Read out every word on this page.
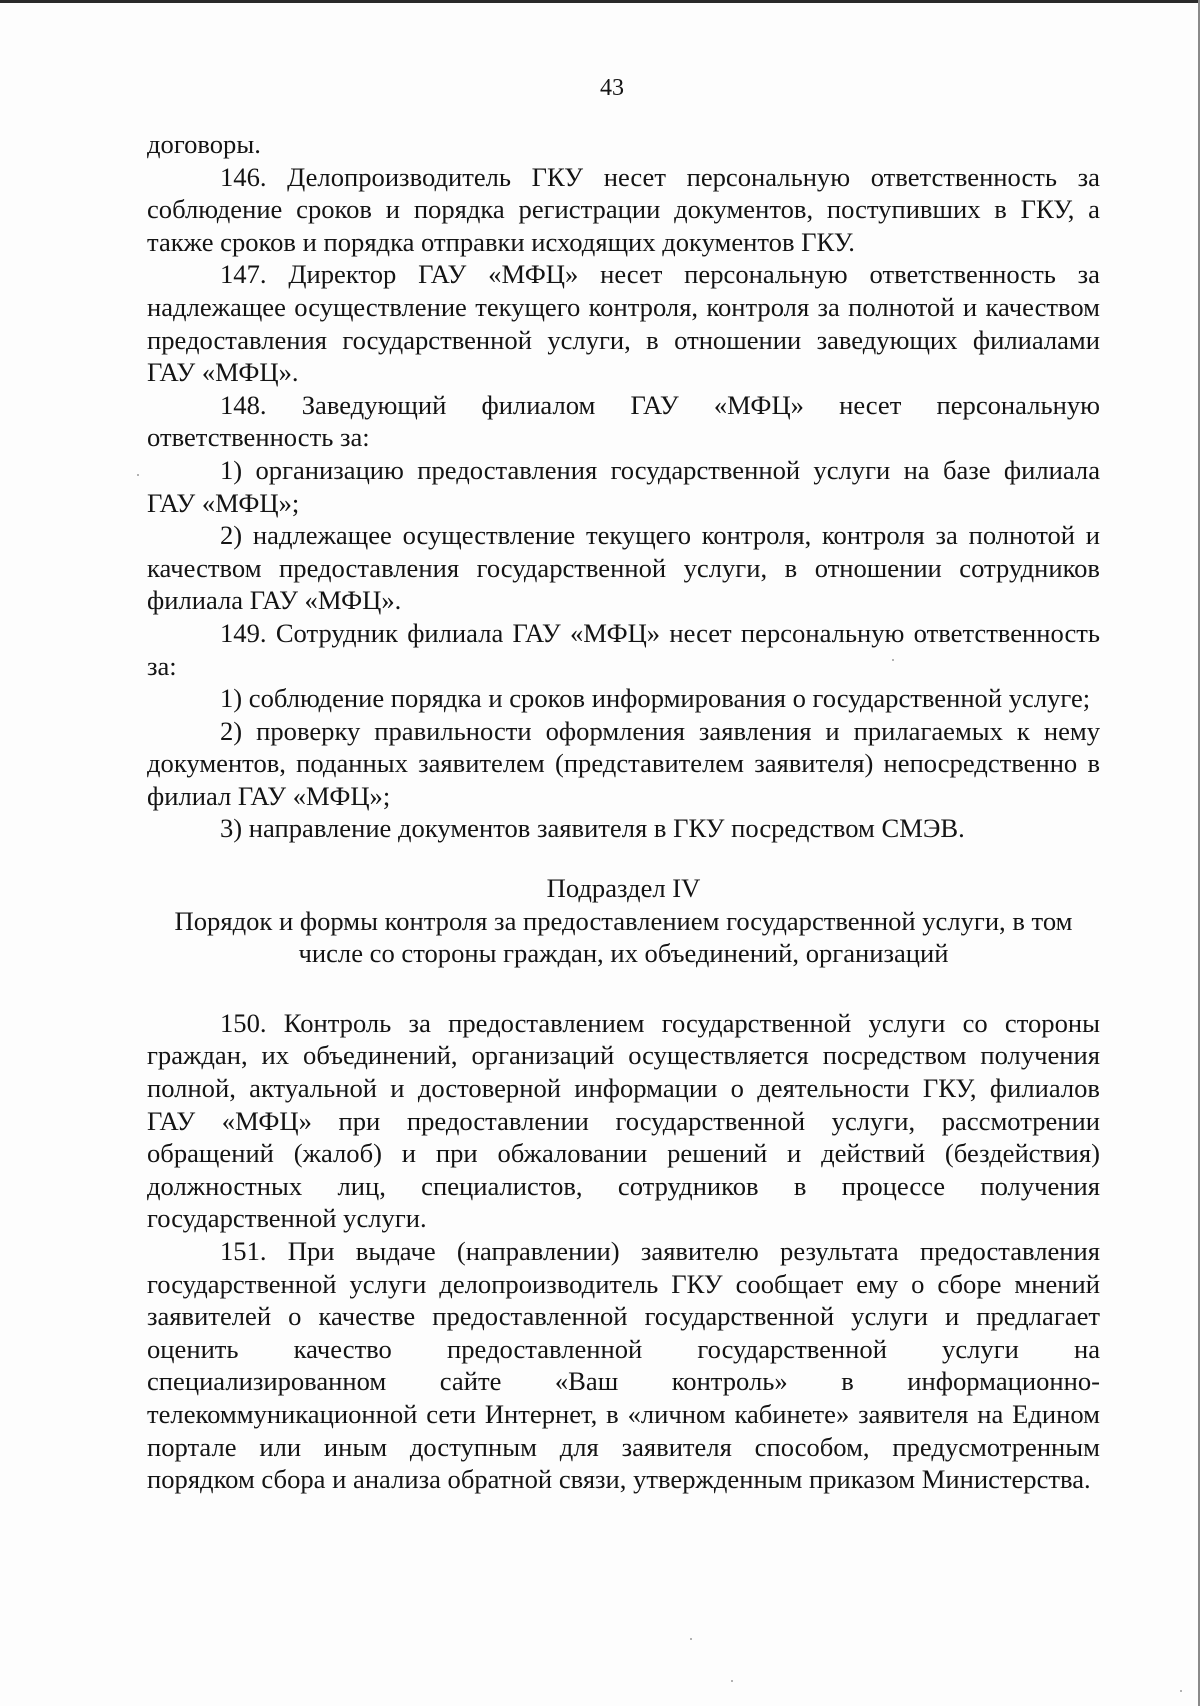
43

договоры.

146. Делопроизводитель ГКУ несет персональную ответственность за соблюдение сроков и порядка регистрации документов, поступивших в ГКУ, а также сроков и порядка отправки исходящих документов ГКУ.

147. Директор ГАУ «МФЦ» несет персональную ответственность за надлежащее осуществление текущего контроля, контроля за полнотой и качеством предоставления государственной услуги, в отношении заведующих филиалами ГАУ «МФЦ».

148. Заведующий филиалом ГАУ «МФЦ» несет персональную ответственность за:

1) организацию предоставления государственной услуги на базе филиала ГАУ «МФЦ»;

2) надлежащее осуществление текущего контроля, контроля за полнотой и качеством предоставления государственной услуги, в отношении сотрудников филиала ГАУ «МФЦ».

149. Сотрудник филиала ГАУ «МФЦ» несет персональную ответственность за:

1) соблюдение порядка и сроков информирования о государственной услуге;

2) проверку правильности оформления заявления и прилагаемых к нему документов, поданных заявителем (представителем заявителя) непосредственно в филиал ГАУ «МФЦ»;

3) направление документов заявителя в ГКУ посредством СМЭВ.

Подраздел IV

Порядок и формы контроля за предоставлением государственной услуги, в том числе со стороны граждан, их объединений, организаций

150. Контроль за предоставлением государственной услуги со стороны граждан, их объединений, организаций осуществляется посредством получения полной, актуальной и достоверной информации о деятельности ГКУ, филиалов ГАУ «МФЦ» при предоставлении государственной услуги, рассмотрении обращений (жалоб) и при обжаловании решений и действий (бездействия) должностных лиц, специалистов, сотрудников в процессе получения государственной услуги.

151. При выдаче (направлении) заявителю результата предоставления государственной услуги делопроизводитель ГКУ сообщает ему о сборе мнений заявителей о качестве предоставленной государственной услуги и предлагает оценить качество предоставленной государственной услуги на специализированном сайте «Ваш контроль» в информационно-телекоммуникационной сети Интернет, в «личном кабинете» заявителя на Едином портале или иным доступным для заявителя способом, предусмотренным порядком сбора и анализа обратной связи, утвержденным приказом Министерства.
